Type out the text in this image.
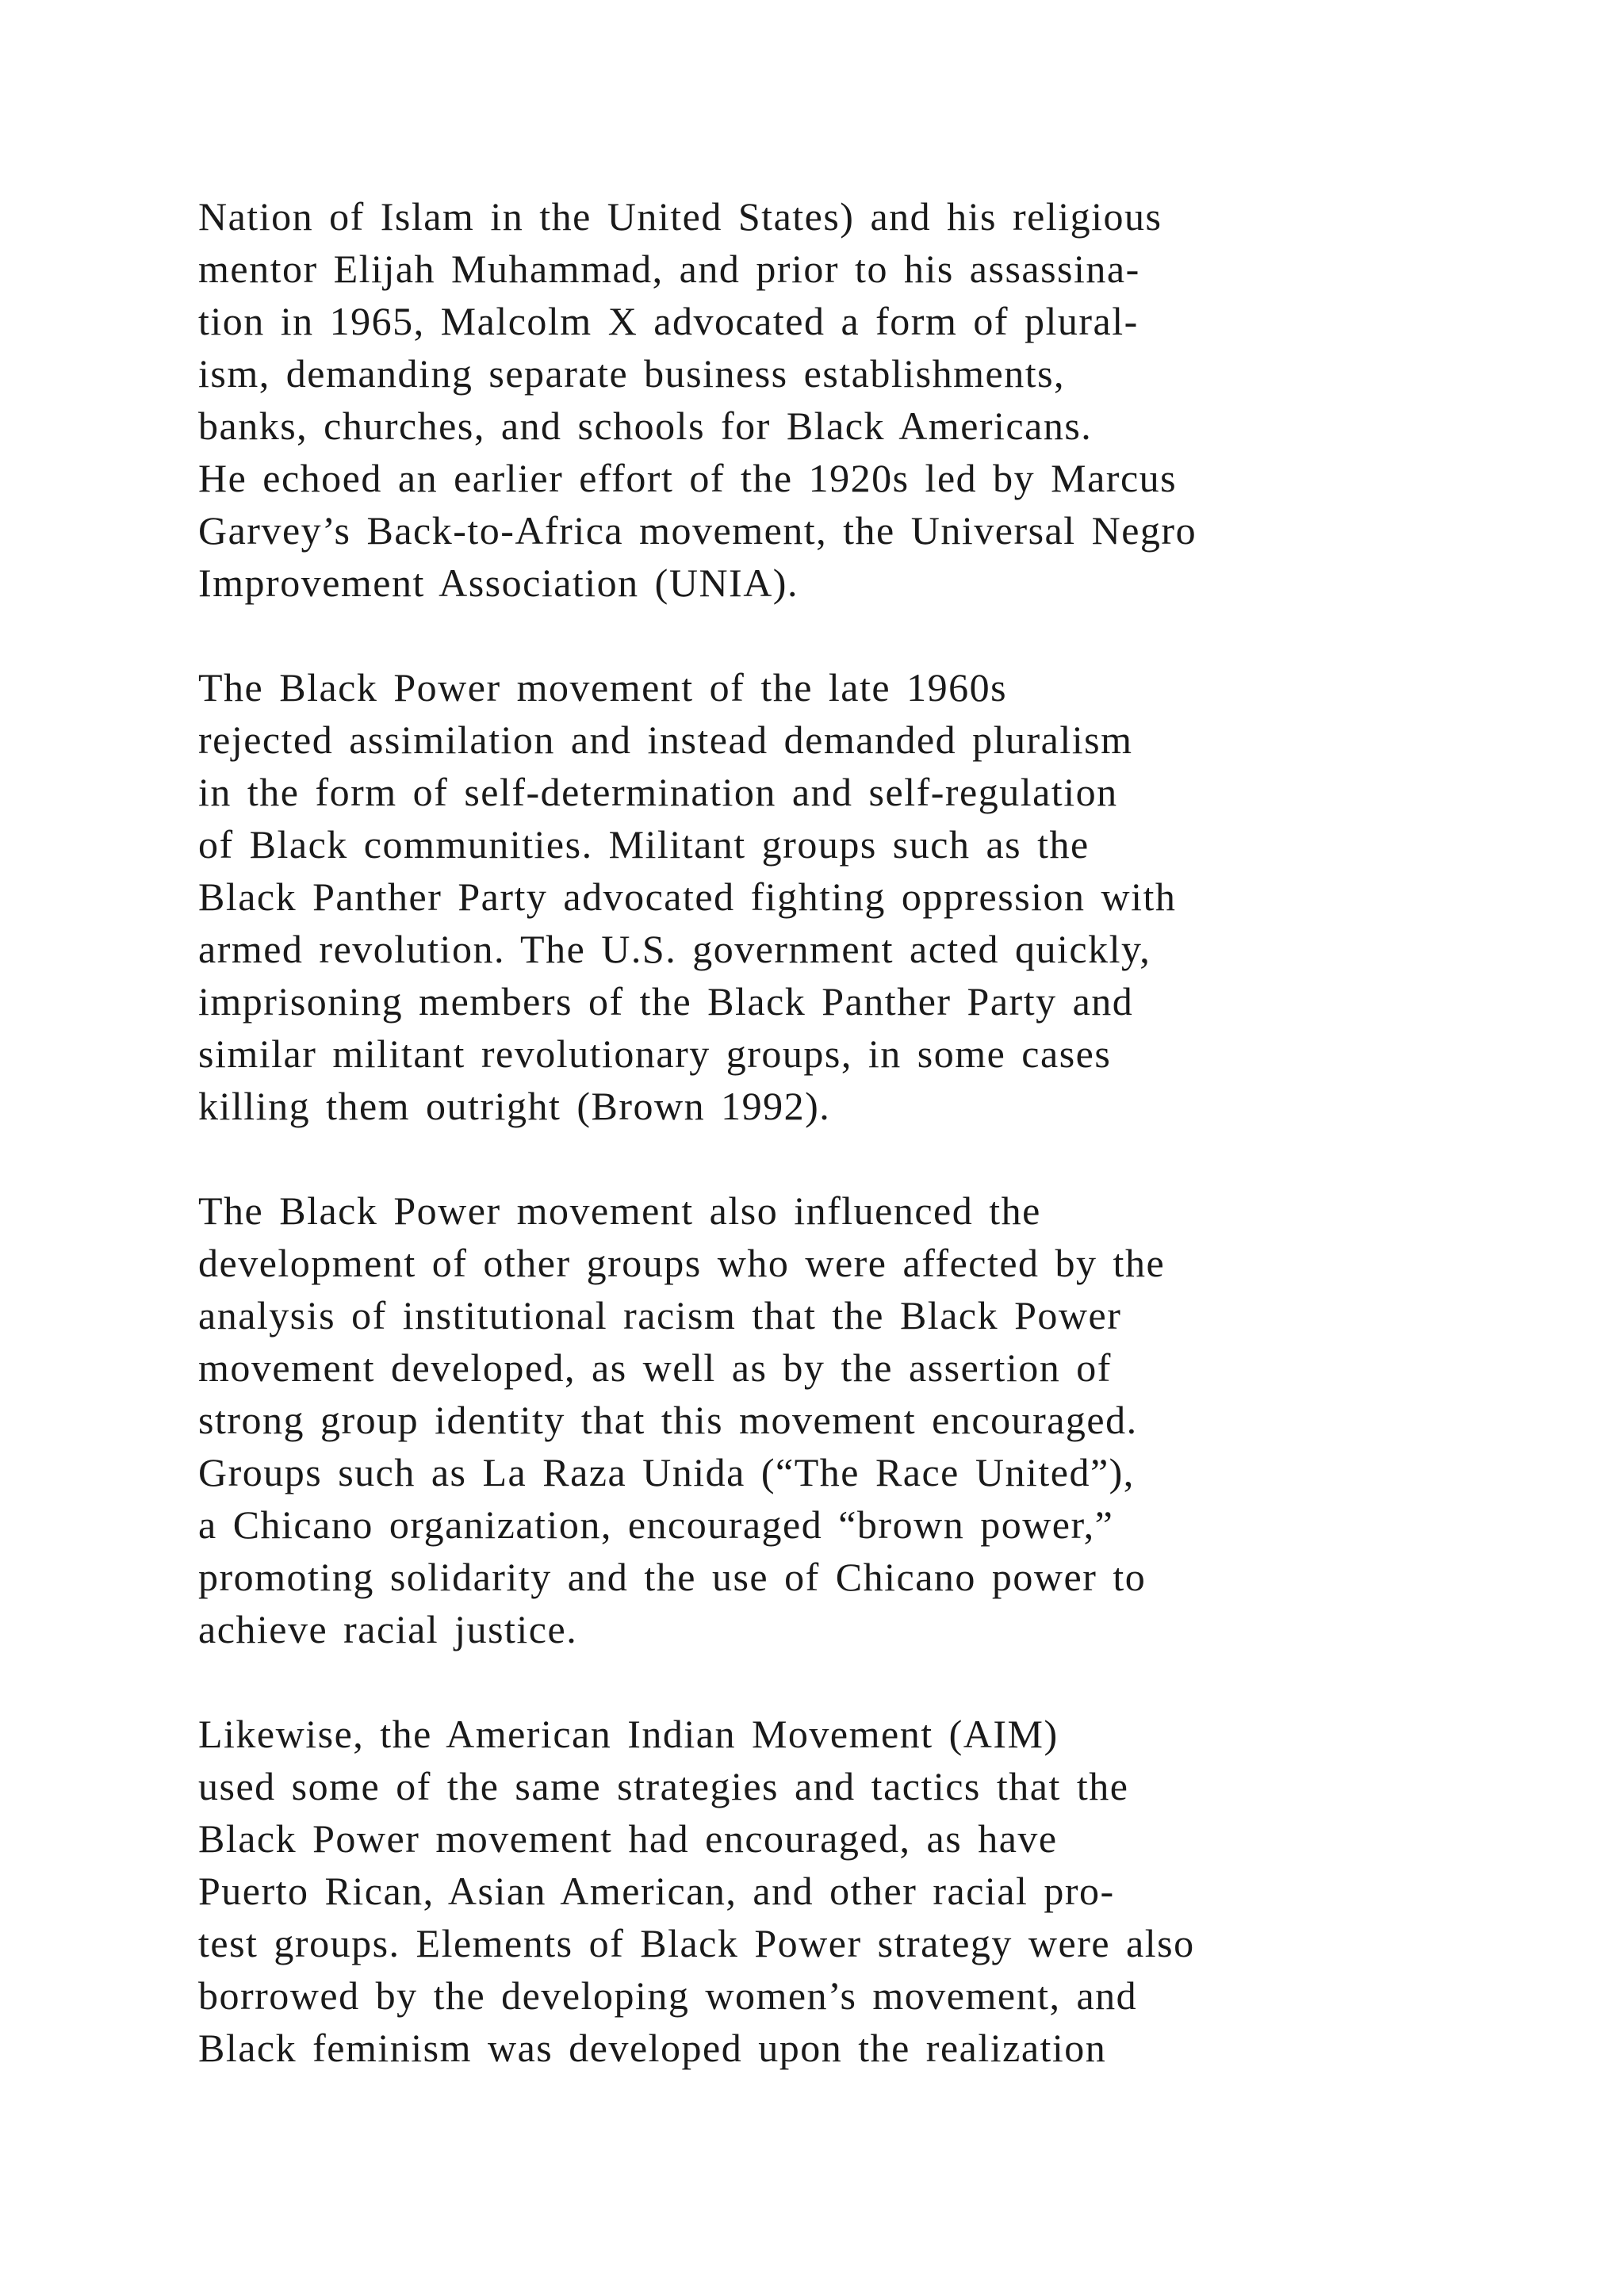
Nation of Islam in the United States) and his religious
mentor Elijah Muhammad, and prior to his assassina-
tion in 1965, Malcolm X advocated a form of plural-
ism, demanding separate business establishments,
banks, churches, and schools for Black Americans.
He echoed an earlier effort of the 1920s led by Marcus
Garvey’s Back-to-Africa movement, the Universal Negro
Improvement Association (UNIA).
The Black Power movement of the late 1960s
rejected assimilation and instead demanded pluralism
in the form of self-determination and self-regulation
of Black communities. Militant groups such as the
Black Panther Party advocated fighting oppression with
armed revolution. The U.S. government acted quickly,
imprisoning members of the Black Panther Party and
similar militant revolutionary groups, in some cases
killing them outright (Brown 1992).
The Black Power movement also influenced the
development of other groups who were affected by the
analysis of institutional racism that the Black Power
movement developed, as well as by the assertion of
strong group identity that this movement encouraged.
Groups such as La Raza Unida (“The Race United”),
a Chicano organization, encouraged “brown power,”
promoting solidarity and the use of Chicano power to
achieve racial justice.
Likewise, the American Indian Movement (AIM)
used some of the same strategies and tactics that the
Black Power movement had encouraged, as have
Puerto Rican, Asian American, and other racial pro-
test groups. Elements of Black Power strategy were also
borrowed by the developing women’s movement, and
Black feminism was developed upon the realization
